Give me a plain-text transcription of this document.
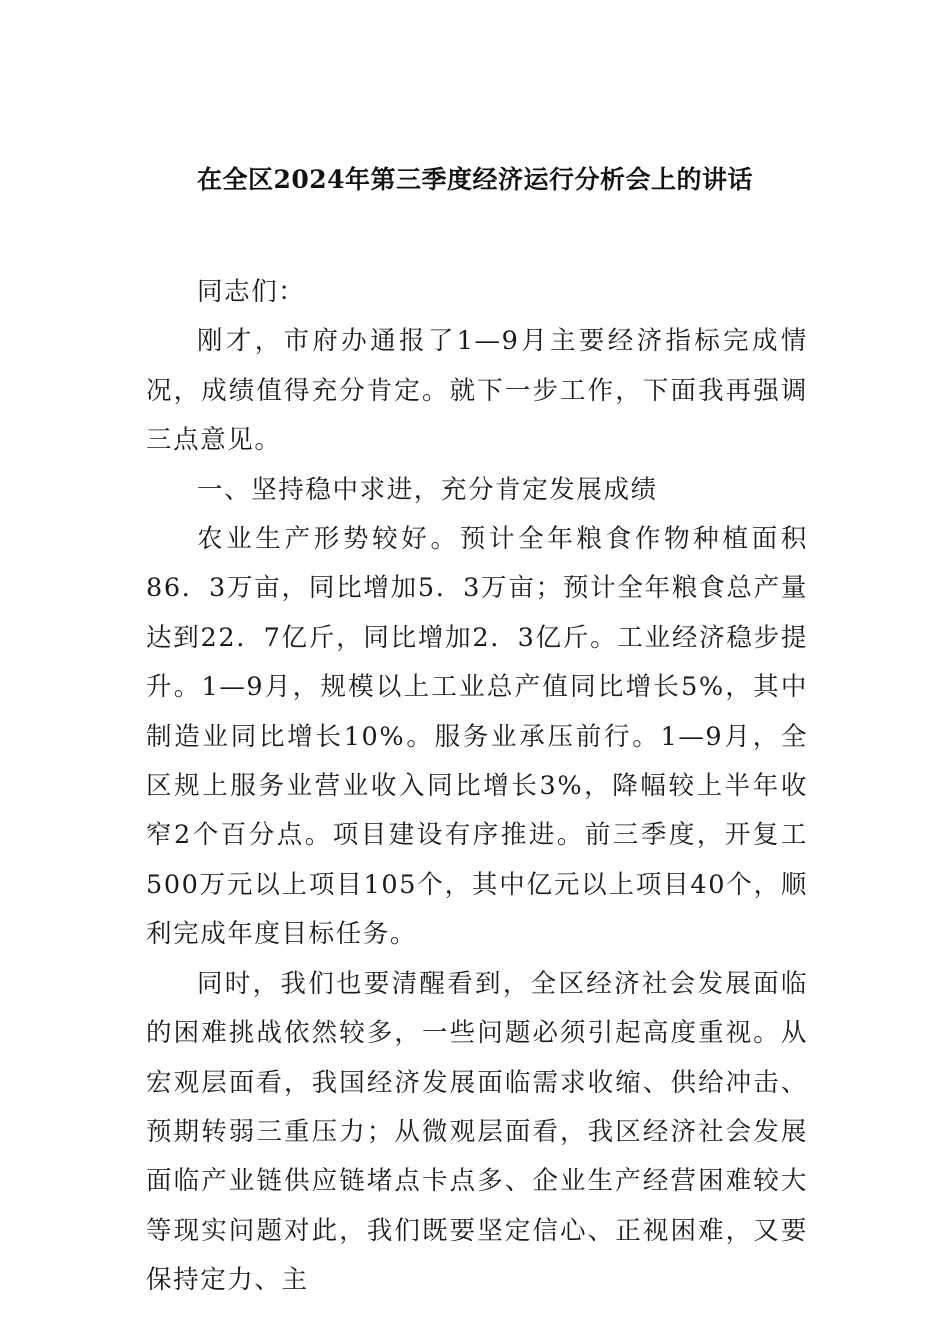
在全区2024年第三季度经济运行分析会上的讲话

同志们：

刚才，市府办通报了1—9月主要经济指标完成情况，成绩值得充分肯定。就下一步工作，下面我再强调三点意见。

一、坚持稳中求进，充分肯定发展成绩

农业生产形势较好。预计全年粮食作物种植面积86．3万亩，同比增加5．3万亩；预计全年粮食总产量达到22．7亿斤，同比增加2．3亿斤。工业经济稳步提升。1—9月，规模以上工业总产值同比增长5%，其中制造业同比增长10%。服务业承压前行。1—9月，全区规上服务业营业收入同比增长3%，降幅较上半年收窄2个百分点。项目建设有序推进。前三季度，开复工500万元以上项目105个，其中亿元以上项目40个，顺利完成年度目标任务。

同时，我们也要清醒看到，全区经济社会发展面临的困难挑战依然较多，一些问题必须引起高度重视。从宏观层面看，我国经济发展面临需求收缩、供给冲击、预期转弱三重压力；从微观层面看，我区经济社会发展面临产业链供应链堵点卡点多、企业生产经营困难较大等现实问题对此，我们既要坚定信心、正视困难，又要保持定力、主
